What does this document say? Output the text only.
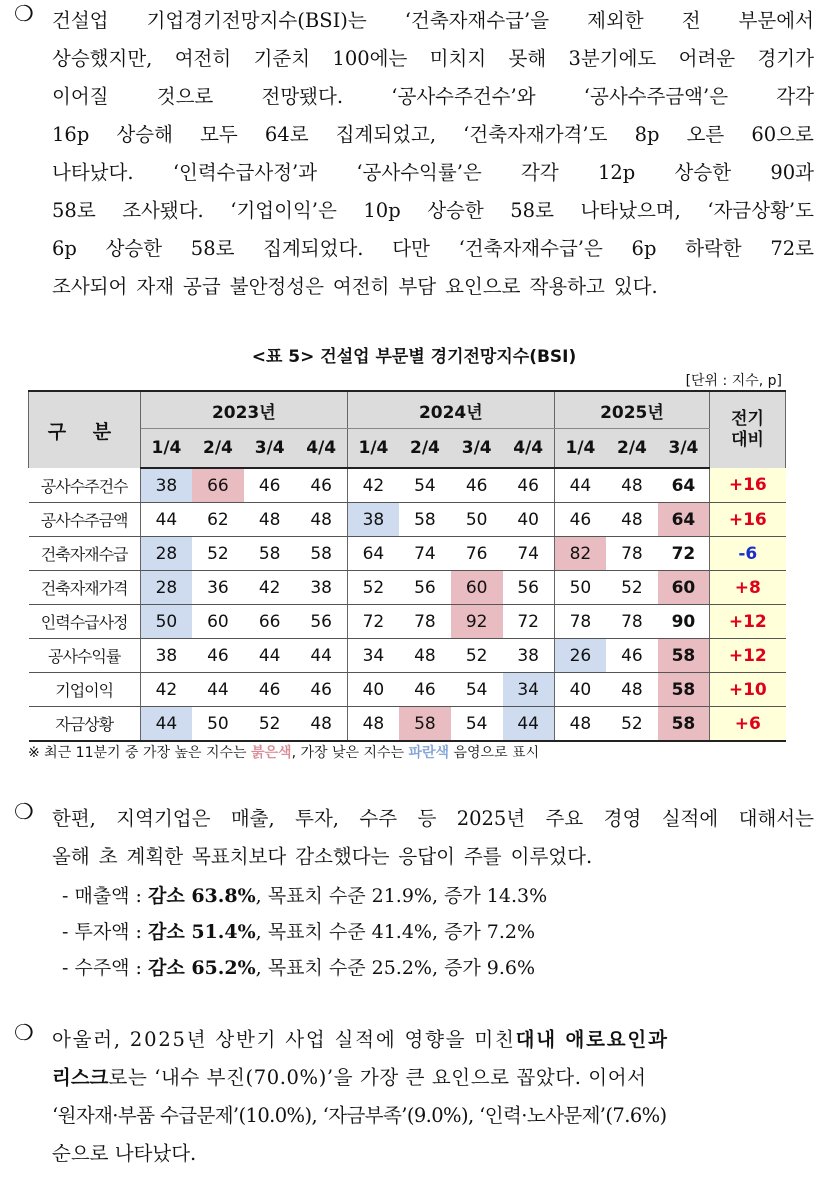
❍ 건설업 기업경기전망지수(BSI)는 ‘건축자재수급’을 제외한 전 부문에서
상승했지만, 여전히 기준치 100에는 미치지 못해 3분기에도 어려운 경기가
이어질 것으로 전망됐다. ‘공사수주건수’와 ‘공사수주금액’은 각각
16p 상승해 모두 64로 집계되었고, ‘건축자재가격’도 8p 오른 60으로
나타났다. ‘인력수급사정’과 ‘공사수익률’은 각각 12p 상승한 90과
58로 조사됐다. ‘기업이익’은 10p 상승한 58로 나타났으며, ‘자금상황’도
6p 상승한 58로 집계되었다. 다만 ‘건축자재수급’은 6p 하락한 72로
조사되어 자재 공급 불안정성은 여전히 부담 요인으로 작용하고 있다.
<표 5> 건설업 부문별 경기전망지수(BSI)
[단위 : 지수, p]
구 분	2023년				2024년				2025년			전기
대비
	1/4	2/4	3/4	4/4	1/4	2/4	3/4	4/4	1/4	2/4	3/4	
공사수주건수	38	66	46	46	42	54	46	46	44	48	64	+16
공사수주금액	44	62	48	48	38	58	50	40	46	48	64	+16
건축자재수급	28	52	58	58	64	74	76	74	82	78	72	-6
건축자재가격	28	36	42	38	52	56	60	56	50	52	60	+8
인력수급사정	50	60	66	56	72	78	92	72	78	78	90	+12
공사수익률	38	46	44	44	34	48	52	38	26	46	58	+12
기업이익	42	44	46	46	40	46	54	34	40	48	58	+10
자금상황	44	50	52	48	48	58	54	44	48	52	58	+6
※ 최근 11분기 중 가장 높은 지수는 붉은색, 가장 낮은 지수는 파란색 음영으로 표시
❍ 한편, 지역기업은 매출, 투자, 수주 등 2025년 주요 경영 실적에 대해서는
올해 초 계획한 목표치보다 감소했다는 응답이 주를 이루었다.
- 매출액 : 감소 63.8%, 목표치 수준 21.9%, 증가 14.3%
- 투자액 : 감소 51.4%, 목표치 수준 41.4%, 증가 7.2%
- 수주액 : 감소 65.2%, 목표치 수준 25.2%, 증가 9.6%
❍ 아울러, 2025년 상반기 사업 실적에 영향을 미친 대내 애로요인과
리스크 로는 ‘내수 부진(70.0%)’을 가장 큰 요인으로 꼽았다. 이어서
‘원자재·부품 수급문제’(10.0%), ‘자금부족’(9.0%), ‘인력·노사문제’(7.6%)
순으로 나타났다.
